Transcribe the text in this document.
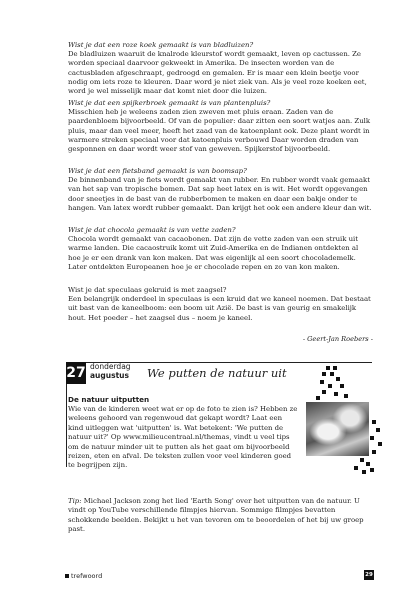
Wist je dat een roze koek gemaakt is van bladluizen?

De bladluizen waaruit de knalrode kleurstof wordt gemaakt, leven op cactussen. Ze worden speciaal daarvoor gekweekt in Amerika. De insecten worden van de cactusbladen afgeschraapt, gedroogd en gemalen. Er is maar een klein beetje voor nodig om iets roze te kleuren. Daar word je niet ziek van. Als je veel roze koeken eet, word je wel misselijk maar dat komt niet door die luizen.

Wist je dat een spijkerbroek gemaakt is van plantenpluis?

Misschien heb je weleens zaden zien zweven met pluis eraan. Zaden van de paardenbloem bijvoorbeeld. Of van de populier: daar zitten een soort watjes aan. Zulk pluis, maar dan veel meer, heeft het zaad van de katoenplant ook. Deze plant wordt in warmere streken speciaal voor dat katoenpluis verbouwd Daar worden draden van gesponnen en daar wordt weer stof van geweven. Spijkerstof bijvoorbeeld.

Wist je dat een fietsband gemaakt is van boomsap?

De binnenband van je fiets wordt gemaakt van rubber. En rubber wordt vaak gemaakt van het sap van tropische bomen. Dat sap heet latex en is wit. Het wordt opgevangen door sneetjes in de bast van de rubberbomen te maken en daar een bakje onder te hangen. Van latex wordt rubber gemaakt. Dan krijgt het ook een andere kleur dan wit.

Wist je dat chocola gemaakt is van vette zaden?

Chocola wordt gemaakt van cacaobonen. Dat zijn de vette zaden van een struik uit warme landen. Die cacaostruik komt uit Zuid-Amerika en de Indianen ontdekten al hoe je er een drank van kon maken. Dat was eigenlijk al een soort chocolademelk. Later ontdekten Europeanen hoe je er chocolade repen en zo van kon maken.

Wist je dat speculaas gekruid is met zaagsel?

Een belangrijk onderdeel in speculaas is een kruid dat we kaneel noemen. Dat bestaat uit bast van de kaneelboom: een boom uit Azië. De bast is van geurig en smakelijk hout. Het poeder – het zaagsel dus – noem je kaneel.

- Geert-Jan Roebers -
27 donderdag
augustus We putten de natuur uit
De natuur uitputten
Wie van de kinderen weet wat er op de foto te zien is? Hebben ze weleens gehoord van regenwoud dat gekapt wordt? Laat een kind uitleggen wat 'uitputten' is. Wat betekent: 'We putten de natuur uit?' Op www.milieucentraal.nl/themas, vindt u veel tips om de natuur minder uit te putten als het gaat om bijvoorbeeld reizen, eten en afval. De teksten zullen voor veel kinderen goed te begrijpen zijn.
Tip: Michael Jackson zong het lied 'Earth Song' over het uitputten van de natuur. U vindt op YouTube verschillende filmpjes hiervan. Sommige filmpjes bevatten schokkende beelden. Bekijkt u het van tevoren om te beoordelen of het bij uw groep past.
trefwoord	29
